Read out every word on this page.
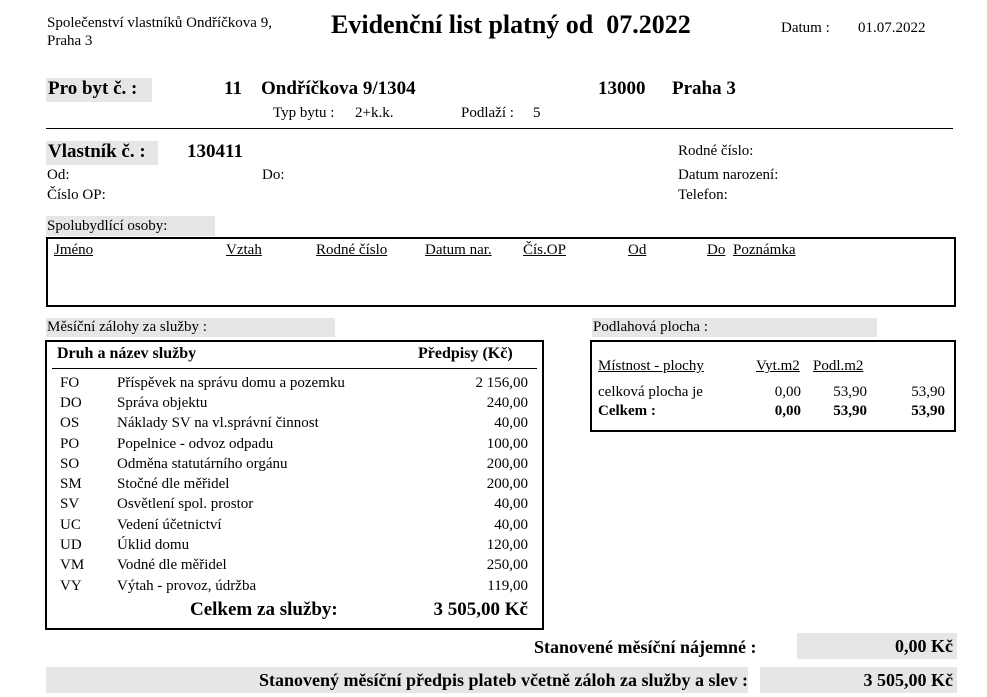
Společenství vlastníků Ondříčkova 9,
Praha 3
Evidenční list platný od 07.2022	Datum : 01.07.2022
Pro byt č. :	11 Ondříčkova 9/1304	13000 Praha 3
Typ bytu : 2+k.k.	Podlaží : 5
Vlastník č. :	130411
Od:	Do:
Číslo OP:
Rodné číslo:
Datum narození:
Telefon:
Spolubydlící osoby:
Jméno	Vztah	Rodné číslo	Datum nar. Čís.OP	Od	Do Poznámka
Měsíční zálohy za služby :
Druh a název služby	Předpisy (Kč)
FO	Příspěvek na správu domu a pozemku	2 156,00
DO	Správa objektu	240,00
OS	Náklady SV na vl.správní činnost	40,00
PO	Popelnice - odvoz odpadu	100,00
SO	Odměna statutárního orgánu	200,00
SM	Stočné dle měřidel	200,00
SV	Osvětlení spol. prostor	40,00
UC	Vedení účetnictví	40,00
UD	Úklid domu	120,00
VM	Vodné dle měřidel	250,00
VY	Výtah - provoz, údržba	119,00
Celkem za služby:	3 505,00 Kč
Podlahová plocha :
Místnost - plochy	Vyt.m2 Podl.m2
celková plocha je	0,00	53,90	53,90
Celkem :	0,00	53,90	53,90
Stanovené měsíční nájemné :	0,00 Kč
Stanovený měsíční předpis plateb včetně záloh za služby a slev :	3 505,00 Kč
